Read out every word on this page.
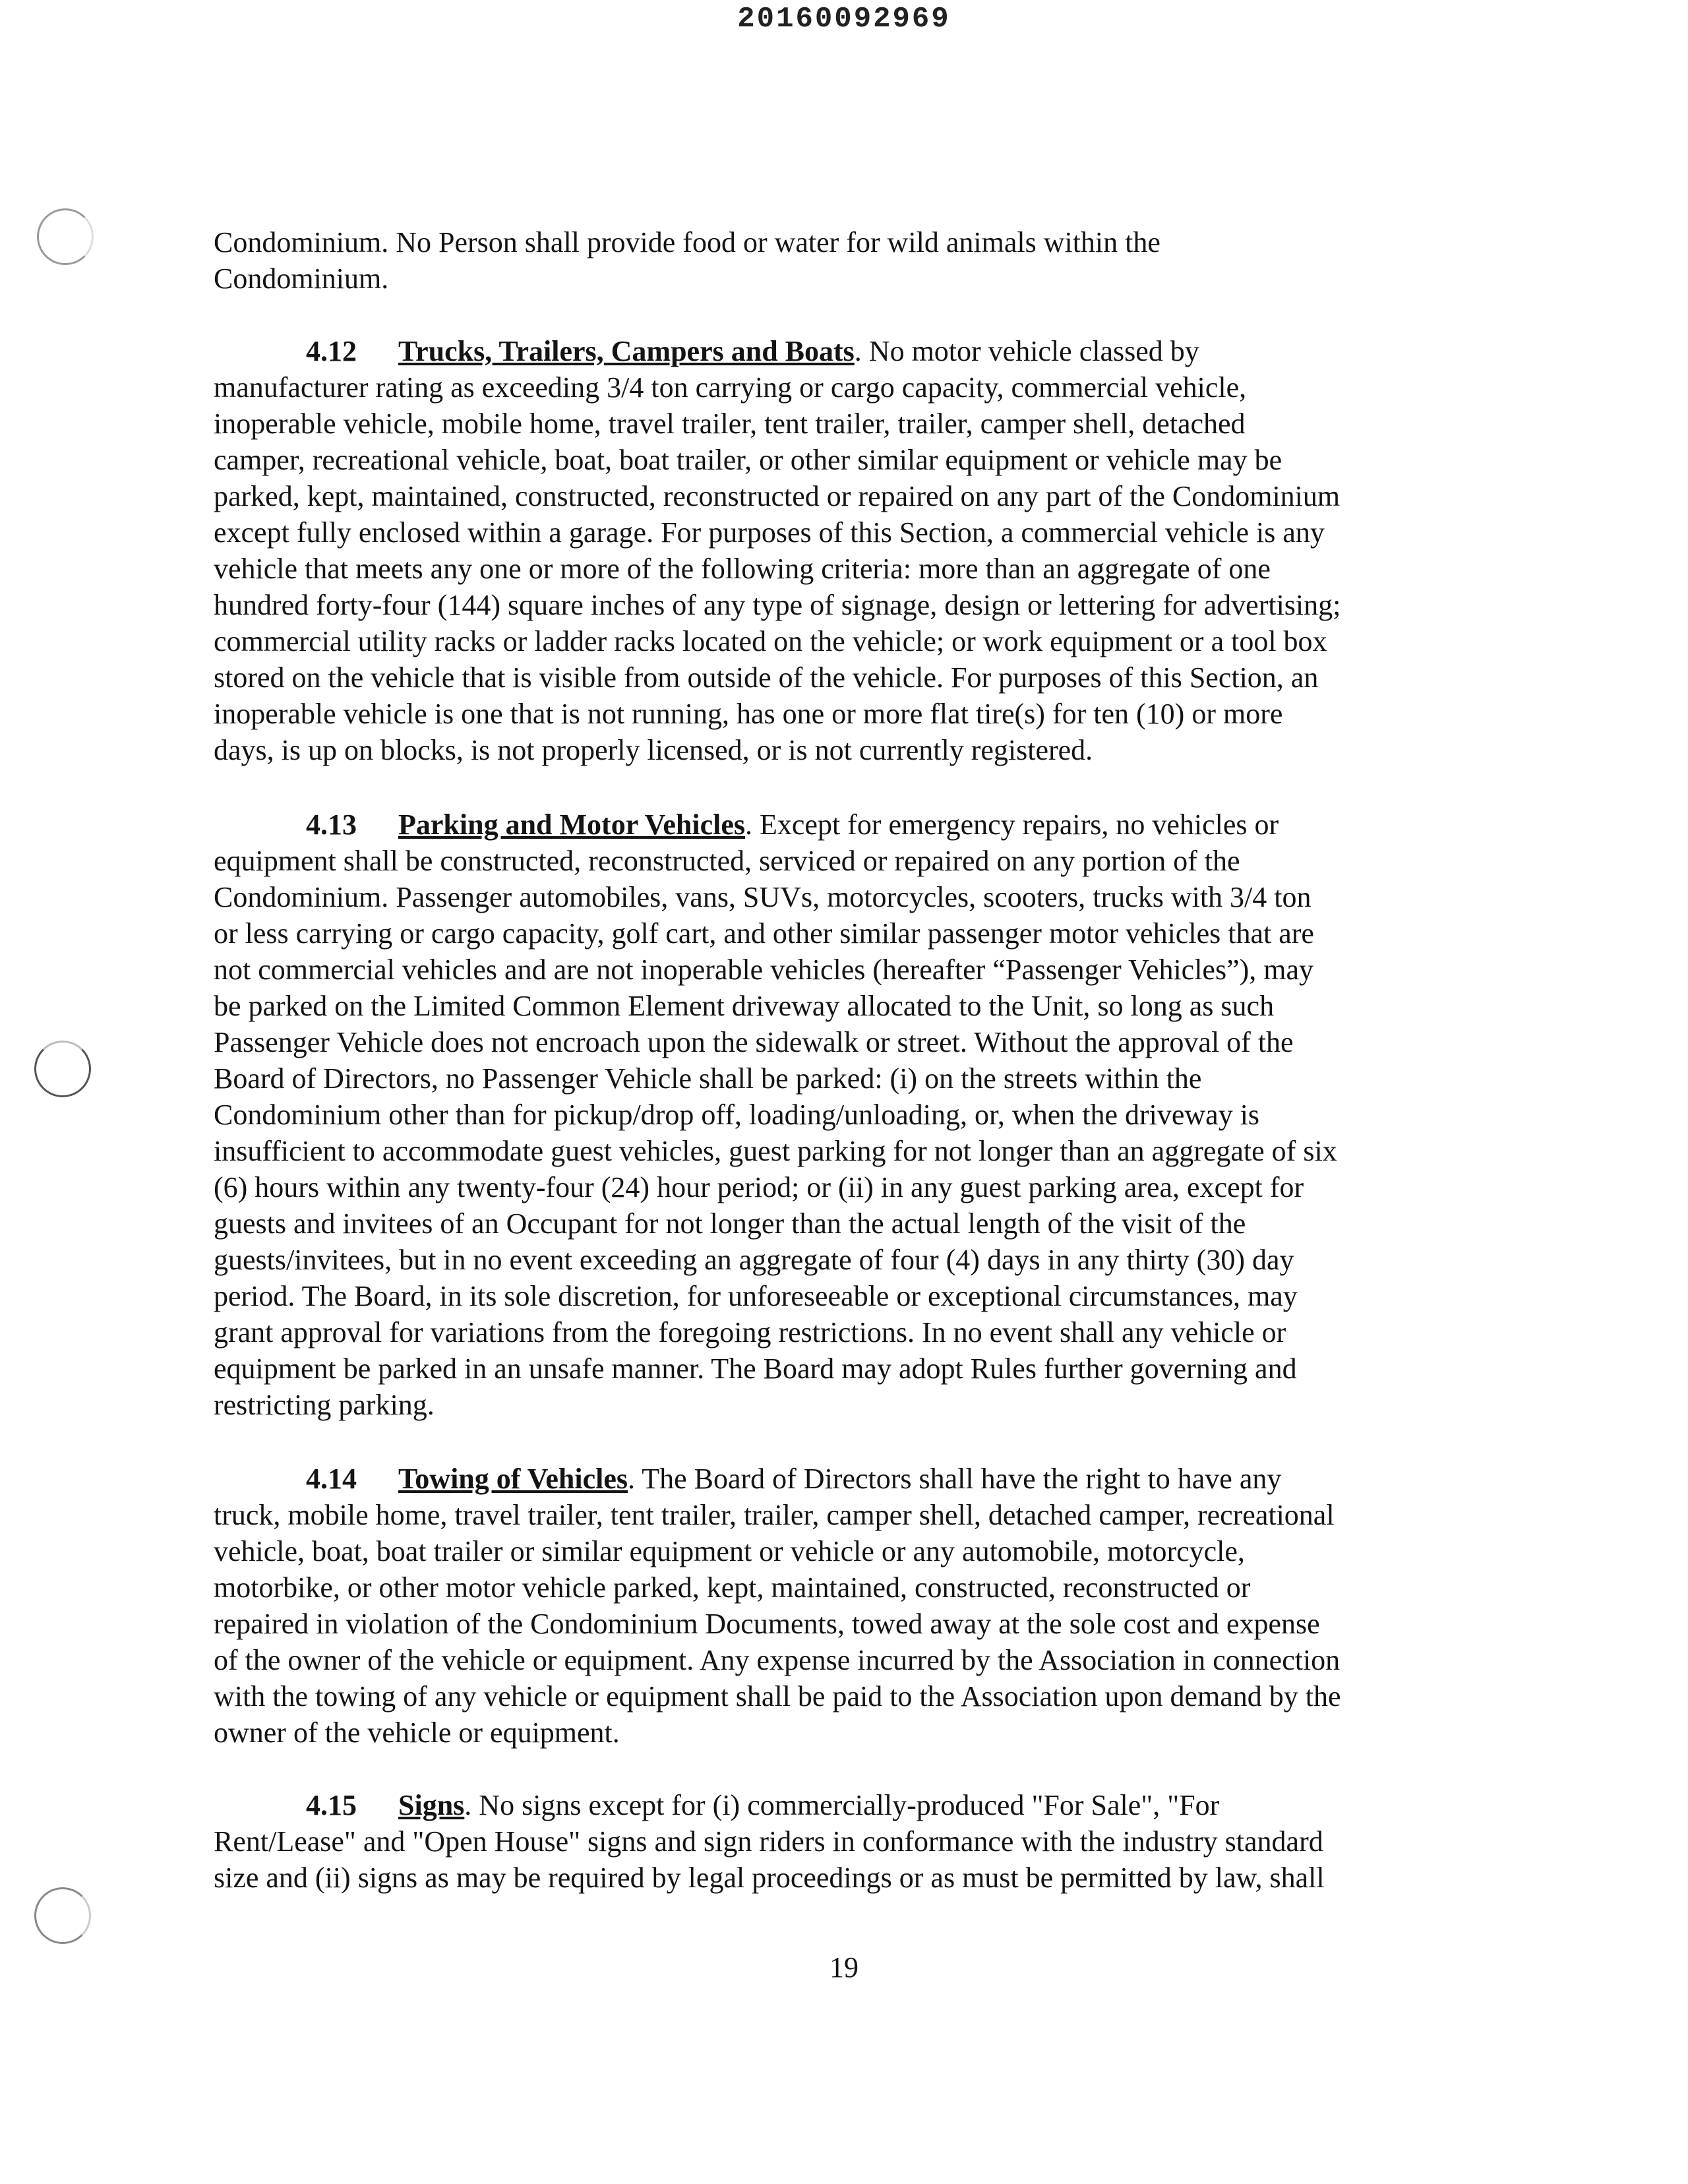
20160092969
Condominium. No Person shall provide food or water for wild animals within the
Condominium.
4.12 Trucks, Trailers, Campers and Boats. No motor vehicle classed by
manufacturer rating as exceeding 3/4 ton carrying or cargo capacity, commercial vehicle,
inoperable vehicle, mobile home, travel trailer, tent trailer, trailer, camper shell, detached
camper, recreational vehicle, boat, boat trailer, or other similar equipment or vehicle may be
parked, kept, maintained, constructed, reconstructed or repaired on any part of the Condominium
except fully enclosed within a garage. For purposes of this Section, a commercial vehicle is any
vehicle that meets any one or more of the following criteria: more than an aggregate of one
hundred forty-four (144) square inches of any type of signage, design or lettering for advertising;
commercial utility racks or ladder racks located on the vehicle; or work equipment or a tool box
stored on the vehicle that is visible from outside of the vehicle. For purposes of this Section, an
inoperable vehicle is one that is not running, has one or more flat tire(s) for ten (10) or more
days, is up on blocks, is not properly licensed, or is not currently registered.
4.13 Parking and Motor Vehicles. Except for emergency repairs, no vehicles or
equipment shall be constructed, reconstructed, serviced or repaired on any portion of the
Condominium. Passenger automobiles, vans, SUVs, motorcycles, scooters, trucks with 3/4 ton
or less carrying or cargo capacity, golf cart, and other similar passenger motor vehicles that are
not commercial vehicles and are not inoperable vehicles (hereafter “Passenger Vehicles”), may
be parked on the Limited Common Element driveway allocated to the Unit, so long as such
Passenger Vehicle does not encroach upon the sidewalk or street. Without the approval of the
Board of Directors, no Passenger Vehicle shall be parked: (i) on the streets within the
Condominium other than for pickup/drop off, loading/unloading, or, when the driveway is
insufficient to accommodate guest vehicles, guest parking for not longer than an aggregate of six
(6) hours within any twenty-four (24) hour period; or (ii) in any guest parking area, except for
guests and invitees of an Occupant for not longer than the actual length of the visit of the
guests/invitees, but in no event exceeding an aggregate of four (4) days in any thirty (30) day
period. The Board, in its sole discretion, for unforeseeable or exceptional circumstances, may
grant approval for variations from the foregoing restrictions. In no event shall any vehicle or
equipment be parked in an unsafe manner. The Board may adopt Rules further governing and
restricting parking.
4.14 Towing of Vehicles. The Board of Directors shall have the right to have any
truck, mobile home, travel trailer, tent trailer, trailer, camper shell, detached camper, recreational
vehicle, boat, boat trailer or similar equipment or vehicle or any automobile, motorcycle,
motorbike, or other motor vehicle parked, kept, maintained, constructed, reconstructed or
repaired in violation of the Condominium Documents, towed away at the sole cost and expense
of the owner of the vehicle or equipment. Any expense incurred by the Association in connection
with the towing of any vehicle or equipment shall be paid to the Association upon demand by the
owner of the vehicle or equipment.
4.15 Signs. No signs except for (i) commercially-produced "For Sale", "For
Rent/Lease" and "Open House" signs and sign riders in conformance with the industry standard
size and (ii) signs as may be required by legal proceedings or as must be permitted by law, shall
19
